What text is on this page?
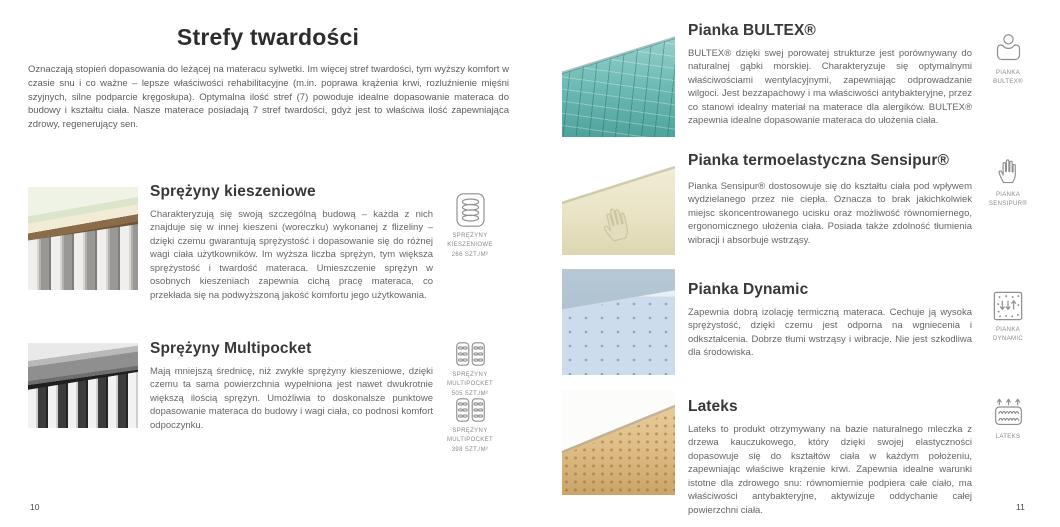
Strefy twardości

Oznaczają stopień dopasowania do leżącej na materacu sylwetki. Im więcej stref twardości, tym wyższy komfort w czasie snu i co ważne – lepsze właściwości rehabilitacyjne (m.in. poprawa krążenia krwi, rozluźnienie mięśni szyjnych, silne podparcie kręgosłupa). Optymalna ilość stref (7) powoduje idealne dopasowanie materaca do budowy i kształtu ciała. Nasze materace posiadają 7 stref twardości, gdyż jest to właściwa ilość zapewniająca zdrowy, regenerujący sen.

Sprężyny kieszeniowe

Charakteryzują się swoją szczególną budową – każda z nich znajduje się w innej kieszeni (woreczku) wykonanej z flizeliny – dzięki czemu gwarantują sprężystość i dopasowanie się do różnej wagi ciała użytkowników. Im wyższa liczba sprężyn, tym większa sprężystość i twardość materaca. Umieszczenie sprężyn w osobnych kieszeniach zapewnia cichą pracę materaca, co przekłada się na podwyższoną jakość komfortu jego użytkowania.

SPRĘŻYNY KIESZENIOWE 266 SZT./M²
Sprężyny Multipocket

Mają mniejszą średnicę, niż zwykłe sprężyny kieszeniowe, dzięki czemu ta sama powierzchnia wypełniona jest nawet dwukrotnie większą ilością sprężyn. Umożliwia to doskonalsze punktowe dopasowanie materaca do budowy i wagi ciała, co podnosi komfort odpoczynku.

SPRĘŻYNY MULTIPOCKET 505 SZT./M²
SPRĘŻYNY MULTIPOCKET 398 SZT./M²
10
Pianka BULTEX®

BULTEX® dzięki swej porowatej strukturze jest porównywany do naturalnej gąbki morskiej. Charakteryzuje się optymalnymi właściwościami wentylacyjnymi, zapewniając odprowadzanie wilgoci. Jest bezzapachowy i ma właściwości antybakteryjne, przez co stanowi idealny materiał na materace dla alergików. BULTEX® zapewnia idealne dopasowanie materaca do ułożenia ciała.

PIANKA BULTEX®
Pianka termoelastyczna Sensipur®

Pianka Sensipur® dostosowuje się do kształtu ciała pod wpływem wydzielanego przez nie ciepła. Oznacza to brak jakichkolwiek miejsc skoncentrowanego ucisku oraz możliwość równomiernego, ergonomicznego ułożenia ciała. Posiada także zdolność tłumienia wibracji i absorbuje wstrząsy.

PIANKA SENSIPUR®
Pianka Dynamic

Zapewnia dobrą izolację termiczną materaca. Cechuje ją wysoka sprężystość, dzięki czemu jest odporna na wgniecenia i odkształcenia. Dobrze tłumi wstrząsy i wibracje. Nie jest szkodliwa dla środowiska.

PIANKA DYNAMIC
Lateks

Lateks to produkt otrzymywany na bazie naturalnego mleczka z drzewa kauczukowego, który dzięki swojej elastyczności dopasowuje się do kształtów ciała w każdym położeniu, zapewniając właściwe krążenie krwi. Zapewnia idealne warunki istotne dla zdrowego snu: równomiernie podpiera całe ciało, ma właściwości antybakteryjne, aktywizuje oddychanie całej powierzchni ciała.

LATEKS
11
